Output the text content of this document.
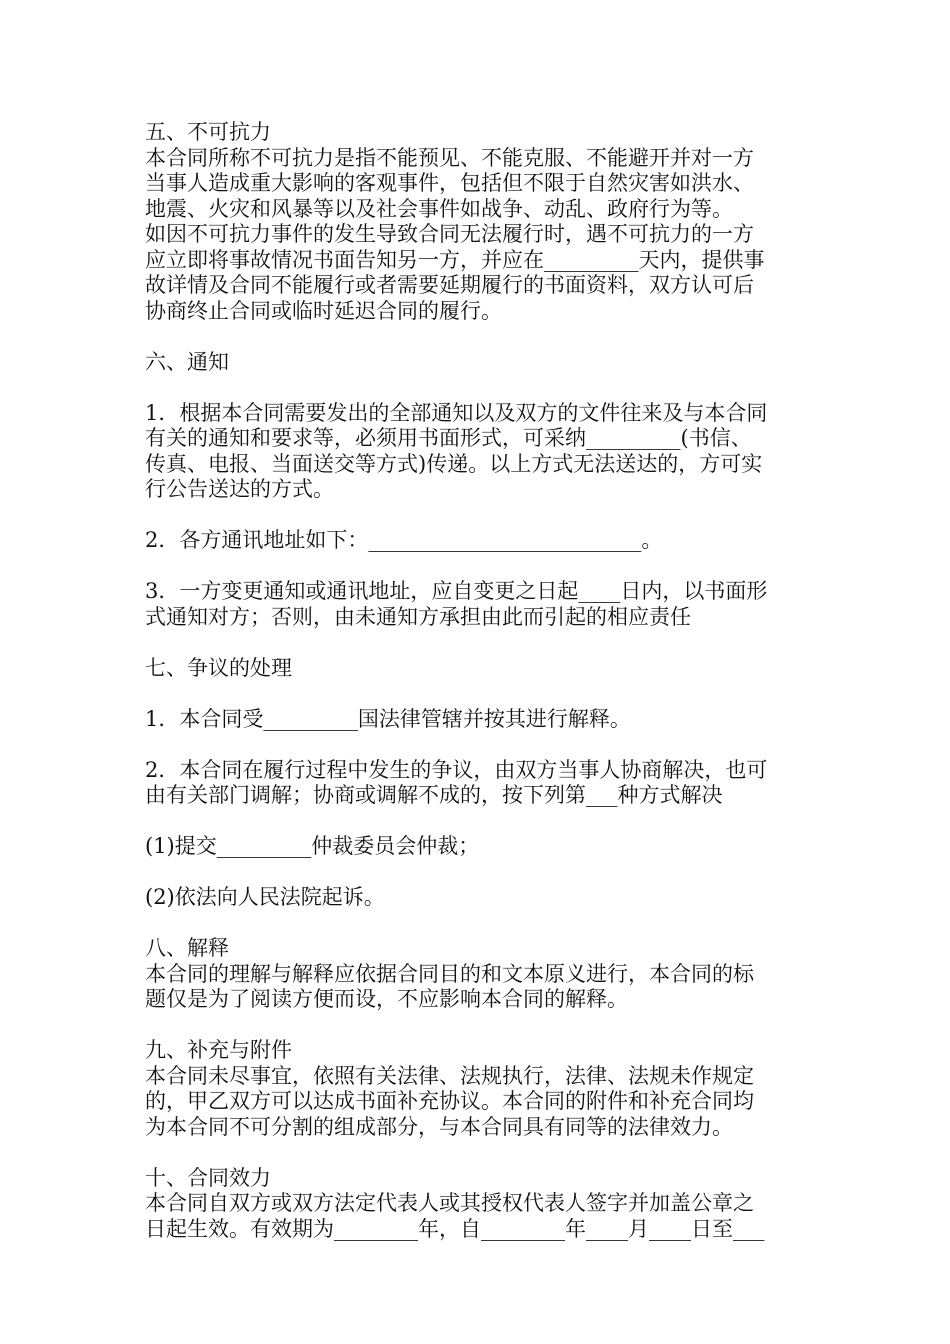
五、不可抗力
本合同所称不可抗力是指不能预见、不能克服、不能避开并对一方
当事人造成重大影响的客观事件，包括但不限于自然灾害如洪水、
地震、火灾和风暴等以及社会事件如战争、动乱、政府行为等。
如因不可抗力事件的发生导致合同无法履行时，遇不可抗力的一方
应立即将事故情况书面告知另一方，并应在_________天内，提供事
故详情及合同不能履行或者需要延期履行的书面资料，双方认可后
协商终止合同或临时延迟合同的履行。
六、通知
1．根据本合同需要发出的全部通知以及双方的文件往来及与本合同
有关的通知和要求等，必须用书面形式，可采纳_________(书信、
传真、电报、当面送交等方式)传递。以上方式无法送达的，方可实
行公告送达的方式。
2．各方通讯地址如下：__________________________。
3．一方变更通知或通讯地址，应自变更之日起____日内，以书面形
式通知对方；否则，由未通知方承担由此而引起的相应责任
七、争议的处理
1．本合同受_________国法律管辖并按其进行解释。
2．本合同在履行过程中发生的争议，由双方当事人协商解决，也可
由有关部门调解；协商或调解不成的，按下列第___种方式解决
(1)提交_________仲裁委员会仲裁；
(2)依法向人民法院起诉。
八、解释
本合同的理解与解释应依据合同目的和文本原义进行，本合同的标
题仅是为了阅读方便而设，不应影响本合同的解释。
九、补充与附件
本合同未尽事宜，依照有关法律、法规执行，法律、法规未作规定
的，甲乙双方可以达成书面补充协议。本合同的附件和补充合同均
为本合同不可分割的组成部分，与本合同具有同等的法律效力。
十、合同效力
本合同自双方或双方法定代表人或其授权代表人签字并加盖公章之
日起生效。有效期为________年，自________年____月____日至___
